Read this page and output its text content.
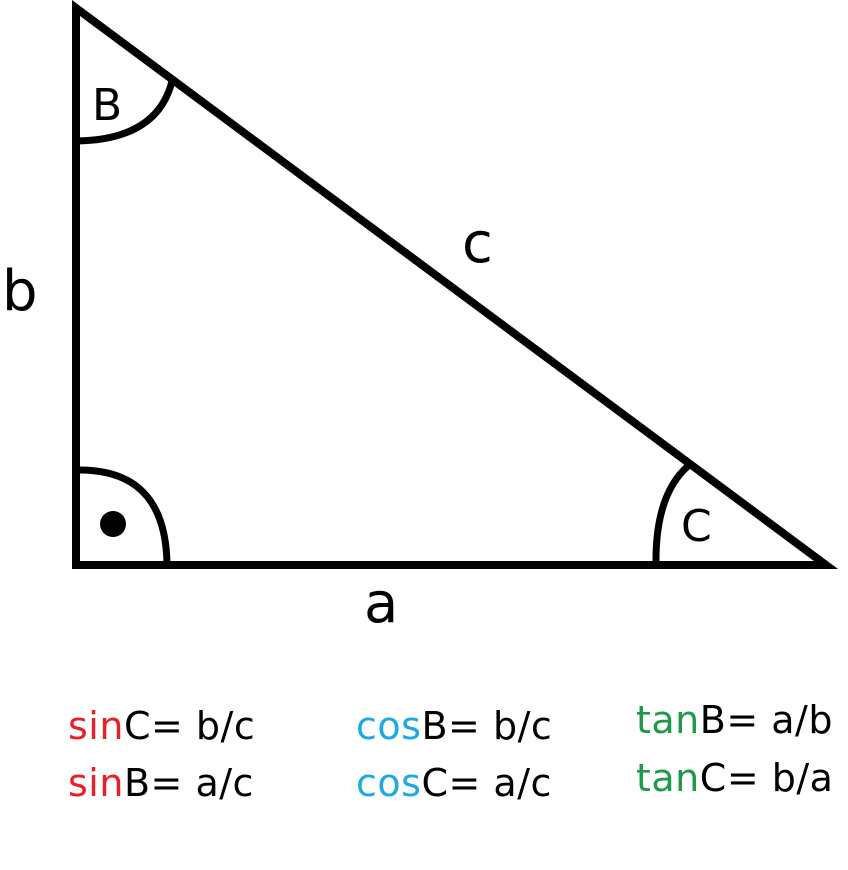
B
C
b
c
a
sinC= b/c
sinB= a/c
cosB= b/c
cosC= a/c
tanB= a/b
tanC= b/a
